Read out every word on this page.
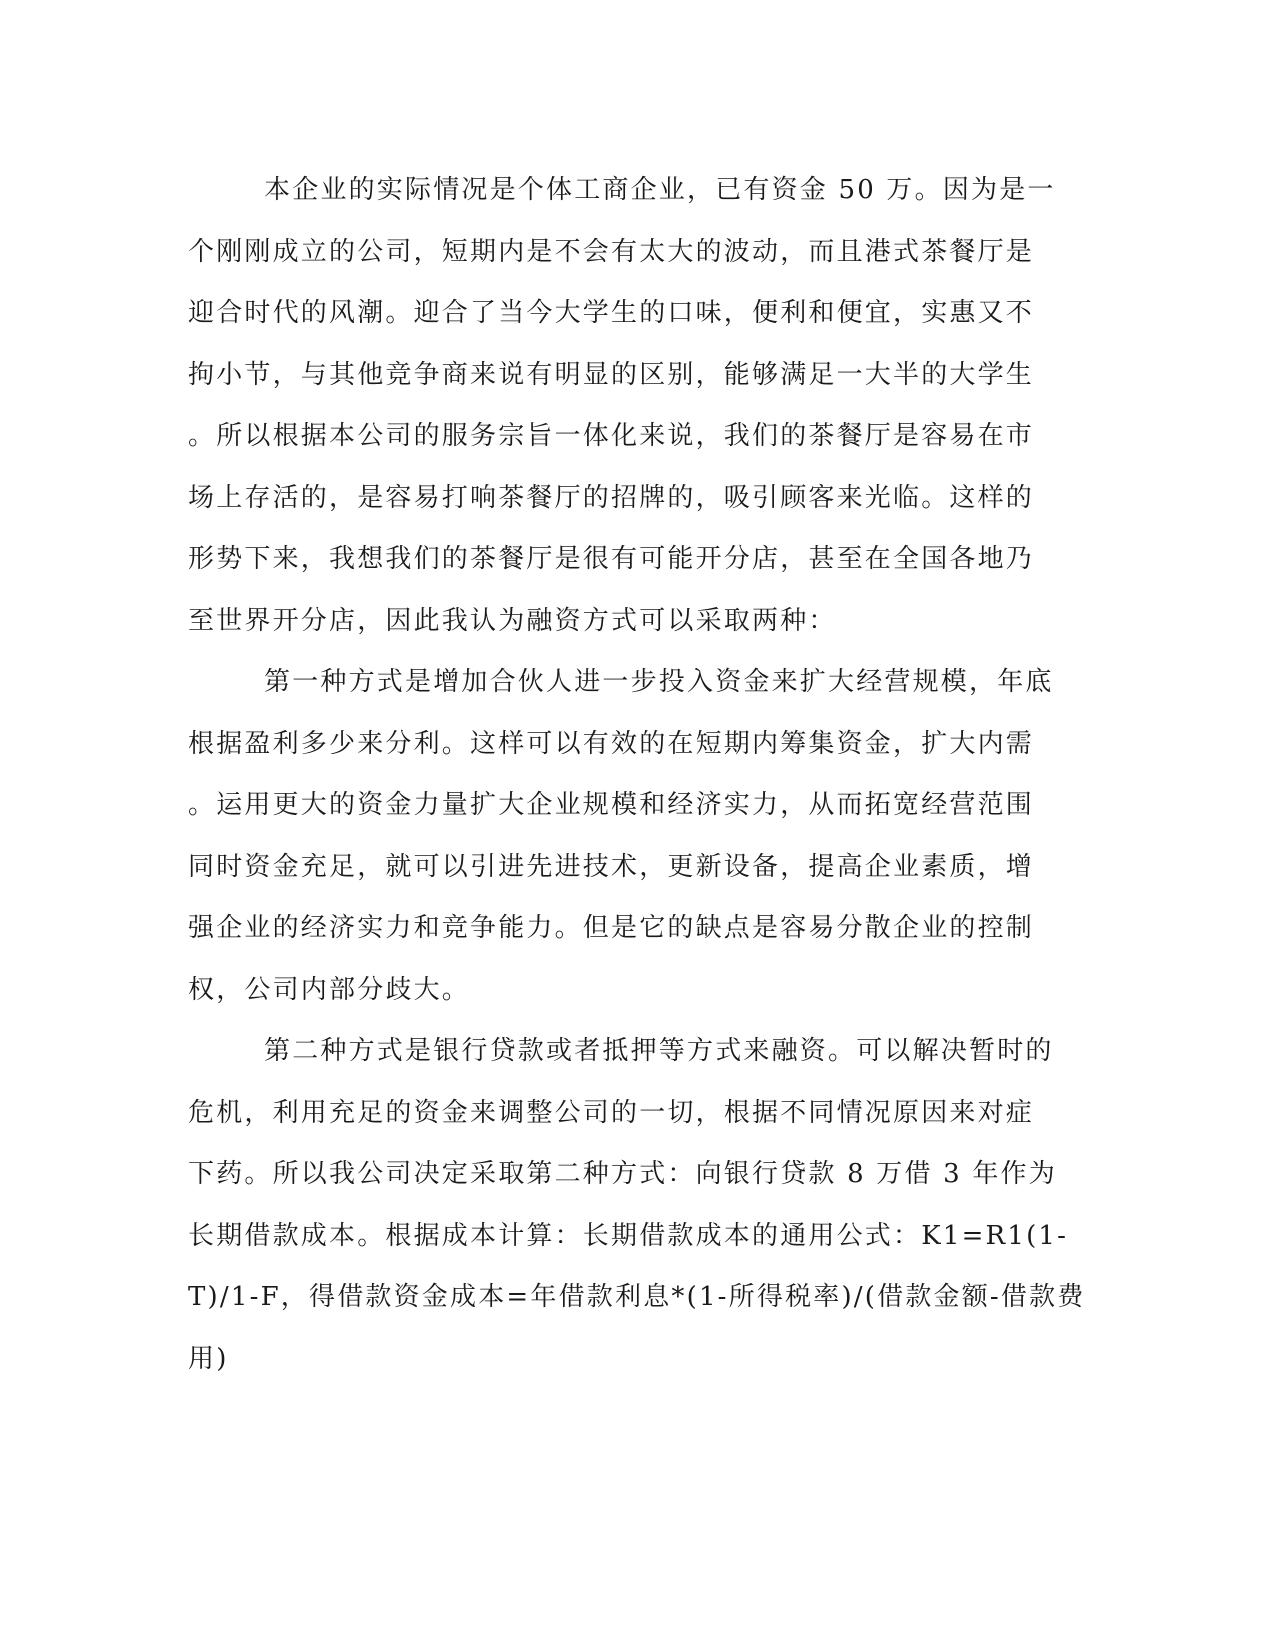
本企业的实际情况是个体工商企业，已有资金 50 万。因为是一
个刚刚成立的公司，短期内是不会有太大的波动，而且港式茶餐厅是
迎合时代的风潮。迎合了当今大学生的口味，便利和便宜，实惠又不
拘小节，与其他竞争商来说有明显的区别，能够满足一大半的大学生
。所以根据本公司的服务宗旨一体化来说，我们的茶餐厅是容易在市
场上存活的，是容易打响茶餐厅的招牌的，吸引顾客来光临。这样的
形势下来，我想我们的茶餐厅是很有可能开分店，甚至在全国各地乃
至世界开分店，因此我认为融资方式可以采取两种：
第一种方式是增加合伙人进一步投入资金来扩大经营规模，年底
根据盈利多少来分利。这样可以有效的在短期内筹集资金，扩大内需
。运用更大的资金力量扩大企业规模和经济实力，从而拓宽经营范围
同时资金充足，就可以引进先进技术，更新设备，提高企业素质，增
强企业的经济实力和竞争能力。但是它的缺点是容易分散企业的控制
权，公司内部分歧大。
第二种方式是银行贷款或者抵押等方式来融资。可以解决暂时的
危机，利用充足的资金来调整公司的一切，根据不同情况原因来对症
下药。所以我公司决定采取第二种方式：向银行贷款 8 万借 3 年作为
长期借款成本。根据成本计算：长期借款成本的通用公式：K1=R1(1-
T)/1-F，得借款资金成本=年借款利息*(1-所得税率)/(借款金额-借款费
用)
